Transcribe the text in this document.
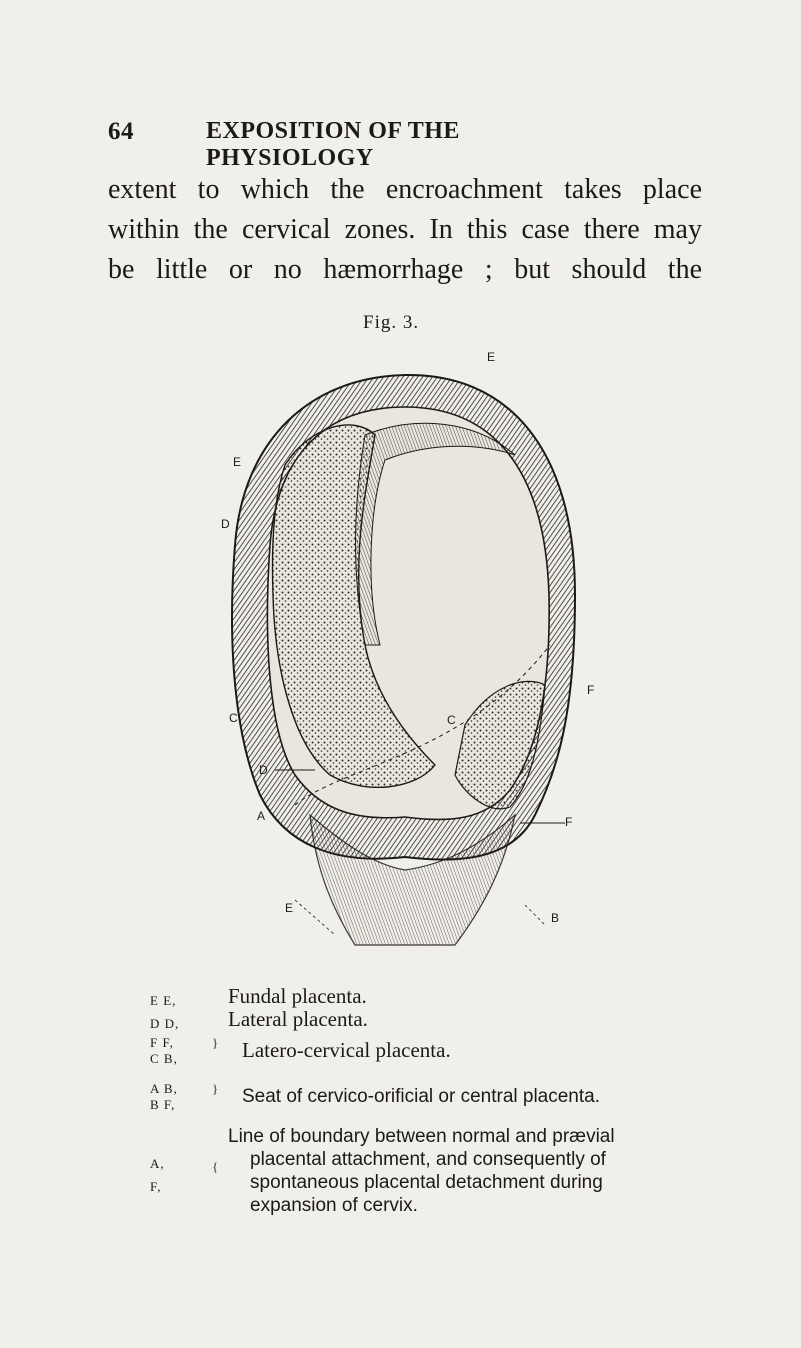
64	EXPOSITION OF THE PHYSIOLOGY
extent to which the encroachment takes place
within the cervical zones. In this case there may
be little or no hæmorrhage ; but should the
Fig. 3.
E
E
D
F
C	C
D
A	F
E
B
E E, Fundal placenta.
D D, Lateral placenta.
F F,
C B,
} Latero-cervical placenta.
A B,
B F,
} Seat of cervico-orificial or central placenta.
A,
F,
{
Line of boundary between normal and prævial
placental attachment, and consequently of
spontaneous placental detachment during
expansion of cervix.
